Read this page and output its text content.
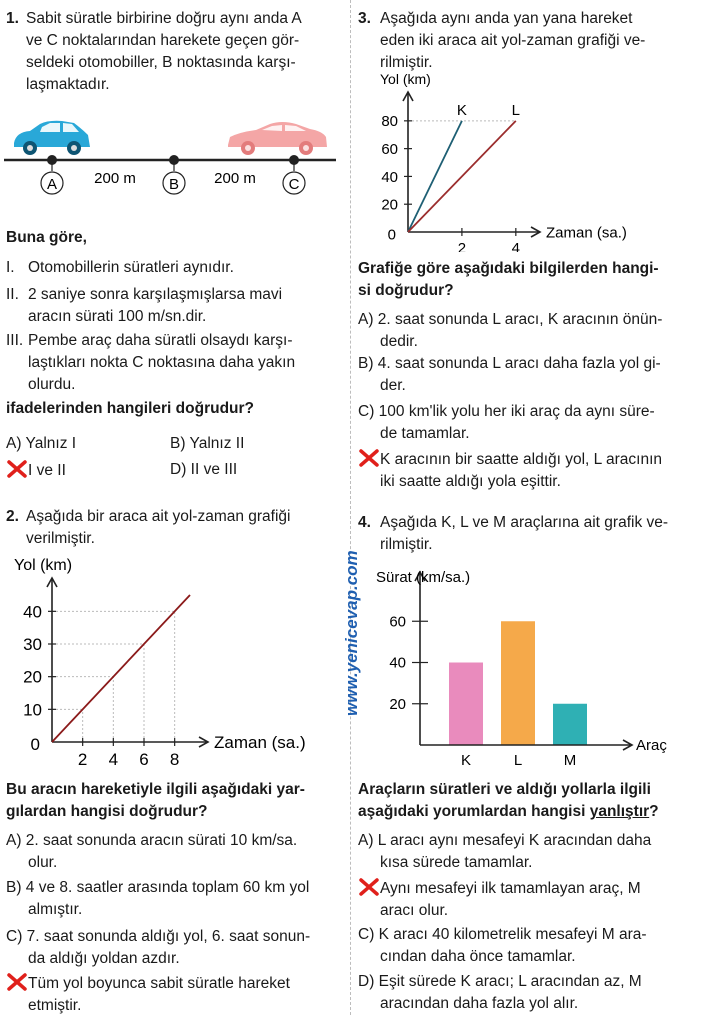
1. Sabit süratle birbirine doğru aynı anda A
ve C noktalarından harekete geçen gör-
seldeki otomobiller, B noktasında karşı-
laşmaktadır.
A	B	C
200 m	200 m
Buna göre,
I. Otomobillerin süratleri aynıdır.
II. 2 saniye sonra karşılaşmışlarsa mavi
aracın sürati 100 m/sn.dir.
III. Pembe araç daha süratli olsaydı karşı-
laştıkları nokta C noktasına daha yakın
olurdu.
ifadelerinden hangileri doğrudur?
A) Yalnız I	B) Yalnız II
I ve II	D) II ve III
2. Aşağıda bir araca ait yol-zaman grafiği
verilmiştir.
10
20
30
40
2 4 6 8
0	Zaman (sa.)
Yol (km)
Bu aracın hareketiyle ilgili aşağıdaki yar-
gılardan hangisi doğrudur?
A) 2. saat sonunda aracın sürati 10 km/sa.
olur.
B) 4 ve 8. saatler arasında toplam 60 km yol
almıştır.
C) 7. saat sonunda aldığı yol, 6. saat sonun-
da aldığı yoldan azdır.
Tüm yol boyunca sabit süratle hareket
etmiştir.
3. Aşağıda aynı anda yan yana hareket
eden iki araca ait yol-zaman grafiği ve-
rilmiştir.
20
40
60
80
2	4
0	Zaman (sa.)
Yol (km)
K	L
Grafiğe göre aşağıdaki bilgilerden hangi-
si doğrudur?
A) 2. saat sonunda L aracı, K aracının önün-
dedir.
B) 4. saat sonunda L aracı daha fazla yol gi-
der.
C) 100 km'lik yolu her iki araç da aynı süre-
de tamamlar.
K aracının bir saatte aldığı yol, L aracının
iki saatte aldığı yola eşittir.
4. Aşağıda K, L ve M araçlarına ait grafik ve-
rilmiştir.
20
40
60
K	L	M
Araç
Sürat (km/sa.)
Araçların süratleri ve aldığı yollarla ilgili
aşağıdaki yorumlardan hangisi yanlıştır?
A) L aracı aynı mesafeyi K aracından daha
kısa sürede tamamlar.
Aynı mesafeyi ilk tamamlayan araç, M
aracı olur.
C) K aracı 40 kilometrelik mesafeyi M ara-
cından daha önce tamamlar.
D) Eşit sürede K aracı; L aracından az, M
aracından daha fazla yol alır.
www.yenicevap.com
